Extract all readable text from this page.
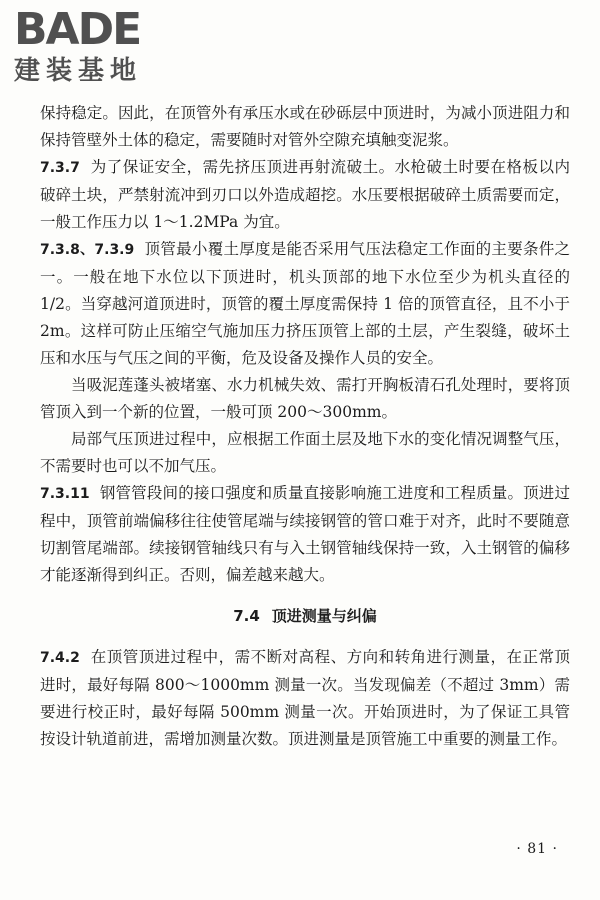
BADE
建装基地

保持稳定。因此，在顶管外有承压水或在砂砾层中顶进时，为减小顶进阻力和保持管壁外土体的稳定，需要随时对管外空隙充填触变泥浆。

7.3.7 为了保证安全，需先挤压顶进再射流破土。水枪破土时要在格板以内破碎土块，严禁射流冲到刃口以外造成超挖。水压要根据破碎土质需要而定，一般工作压力以 1～1.2MPa 为宜。

7.3.8、7.3.9 顶管最小覆土厚度是能否采用气压法稳定工作面的主要条件之一。一般在地下水位以下顶进时，机头顶部的地下水位至少为机头直径的 1/2。当穿越河道顶进时，顶管的覆土厚度需保持 1 倍的顶管直径，且不小于 2m。这样可防止压缩空气施加压力挤压顶管上部的土层，产生裂缝，破坏土压和水压与气压之间的平衡，危及设备及操作人员的安全。

当吸泥莲蓬头被堵塞、水力机械失效、需打开胸板清石孔处理时，要将顶管顶入到一个新的位置，一般可顶 200～300mm。

局部气压顶进过程中，应根据工作面土层及地下水的变化情况调整气压，不需要时也可以不加气压。

7.3.11 钢管管段间的接口强度和质量直接影响施工进度和工程质量。顶进过程中，顶管前端偏移往往使管尾端与续接钢管的管口难于对齐，此时不要随意切割管尾端部。续接钢管轴线只有与入土钢管轴线保持一致，入土钢管的偏移才能逐渐得到纠正。否则，偏差越来越大。

7.4 顶进测量与纠偏

7.4.2 在顶管顶进过程中，需不断对高程、方向和转角进行测量，在正常顶进时，最好每隔 800～1000mm 测量一次。当发现偏差（不超过 3mm）需要进行校正时，最好每隔 500mm 测量一次。开始顶进时，为了保证工具管按设计轨道前进，需增加测量次数。顶进测量是顶管施工中重要的测量工作。

· 81 ·
